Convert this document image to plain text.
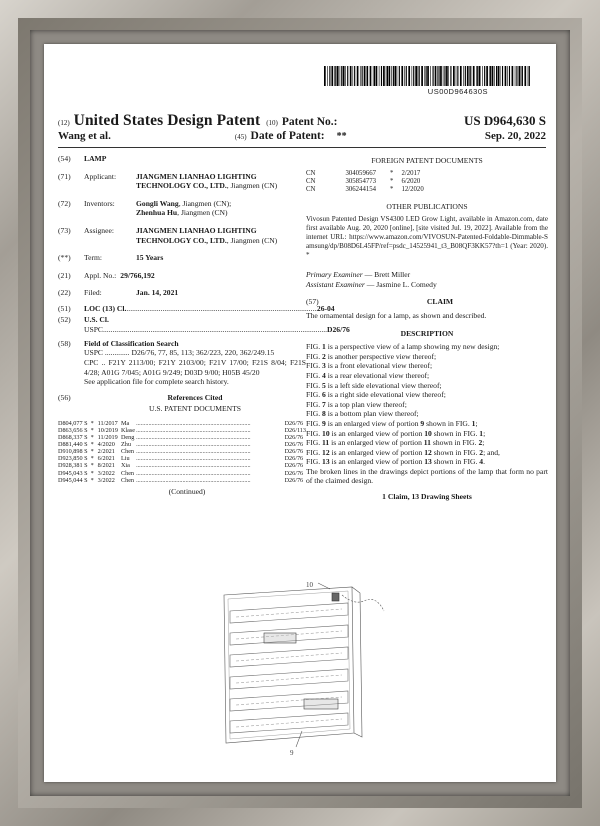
US00D964630S
(12) United States Design Patent (10) Patent No.:	US D964,630 S
Wang et al.	(45) Date of Patent: **	Sep. 20, 2022
(54)	LAMP
(71)	Applicant:	JIANGMEN LIANHAO LIGHTING TECHNOLOGY CO., LTD., Jiangmen (CN)
(72)	Inventors:	Gongli Wang, Jiangmen (CN);
Zhenhua Hu, Jiangmen (CN)
(73)	Assignee:	JIANGMEN LIANHAO LIGHTING TECHNOLOGY CO., LTD., Jiangmen (CN)
(**)	Term:	15 Years
(21)	Appl. No.: 29/766,192
(22)	Filed:	Jan. 14, 2021
(51)	LOC (13) Cl. .....	26-04
(52)	U.S. Cl.
USPC .....	D26/76
(58)	Field of Classification Search

USPC ............. D26/76, 77, 85, 113; 362/223, 220, 362/249.15
CPC .. F21Y 2113/00; F21Y 2103/00; F21V 17/00; F21S 8/04; F21S 4/28; A01G 7/045; A01G 9/249; D03D 9/00; H05B 45/20
See application file for complete search history.
(56)	References Cited
U.S. PATENT DOCUMENTS
D804,077 S	*	11/2017	Ma	.....	D26/76
D863,656 S	*	10/2019	Klase	.....	D26/113
D868,337 S	*	11/2019	Deng	.....	D26/76
D881,440 S	*	4/2020	Zhu	.....	D26/76
D910,898 S	*	2/2021	Chen	.....	D26/76
D923,850 S	*	6/2021	Liu	.....	D26/76
D928,381 S	*	8/2021	Xia	.....	D26/76
D945,043 S	*	3/2022	Chen	.....	D26/76
D945,044 S	*	3/2022	Chen	.....	D26/76
(Continued)
FOREIGN PATENT DOCUMENTS
CN	304059667	*	2/2017
CN	305854773	*	6/2020
CN	306244154	*	12/2020
OTHER PUBLICATIONS
Vivosun Patented Design VS4300 LED Grow Light, available in Amazon.com, date first available Aug. 20, 2020 [online], [site visited Jul. 19, 2022]. Available from the internet URL: https://www.amazon.com/VIVOSUN-Patented-Foldable-Dimmable-Samsung/dp/B08D6L45FP/ref=psdc_14525941_t3_B08QF3KK57?th=1 (Year: 2020).*
Primary Examiner — Brett Miller
Assistant Examiner — Jasmine L. Comedy
(57)	CLAIM
The ornamental design for a lamp, as shown and described.
DESCRIPTION

FIG. 1 is a perspective view of a lamp showing my new design;

FIG. 2 is another perspective view thereof;

FIG. 3 is a front elevational view thereof;

FIG. 4 is a rear elevational view thereof;

FIG. 5 is a left side elevational view thereof;

FIG. 6 is a right side elevational view thereof;

FIG. 7 is a top plan view thereof;

FIG. 8 is a bottom plan view thereof;

FIG. 9 is an enlarged view of portion 9 shown in FIG. 1;

FIG. 10 is an enlarged view of portion 10 shown in FIG. 1;

FIG. 11 is an enlarged view of portion 11 shown in FIG. 2;

FIG. 12 is an enlarged view of portion 12 shown in FIG. 2; and,

FIG. 13 is an enlarged view of portion 13 shown in FIG. 4.

The broken lines in the drawings depict portions of the lamp that form no part of the claimed design.
1 Claim, 13 Drawing Sheets
10
9
